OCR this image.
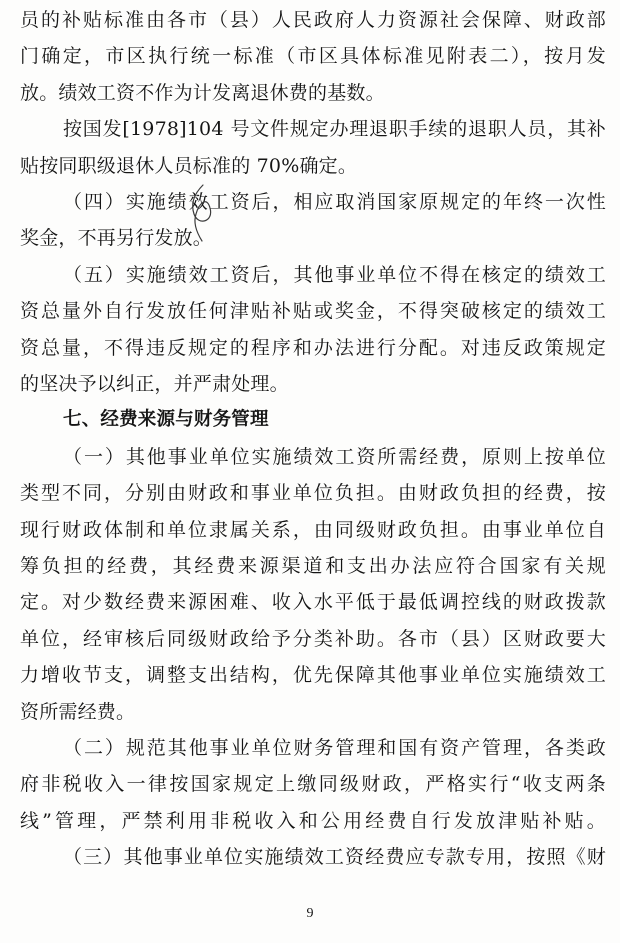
员的补贴标准由各市（县）人民政府人力资源社会保障、财政部
门确定，市区执行统一标准（市区具体标准见附表二），按月发
放。绩效工资不作为计发离退休费的基数。
按国发[1978]104 号文件规定办理退职手续的退职人员，其补
贴按同职级退休人员标准的 70%确定。
（四）实施绩效工资后，相应取消国家原规定的年终一次性
奖金，不再另行发放。
（五）实施绩效工资后，其他事业单位不得在核定的绩效工
资总量外自行发放任何津贴补贴或奖金，不得突破核定的绩效工
资总量，不得违反规定的程序和办法进行分配。对违反政策规定
的坚决予以纠正，并严肃处理。
七、经费来源与财务管理
（一）其他事业单位实施绩效工资所需经费，原则上按单位
类型不同，分别由财政和事业单位负担。由财政负担的经费，按
现行财政体制和单位隶属关系，由同级财政负担。由事业单位自
筹负担的经费，其经费来源渠道和支出办法应符合国家有关规
定。对少数经费来源困难、收入水平低于最低调控线的财政拨款
单位，经审核后同级财政给予分类补助。各市（县）区财政要大
力增收节支，调整支出结构，优先保障其他事业单位实施绩效工
资所需经费。
（二）规范其他事业单位财务管理和国有资产管理，各类政
府非税收入一律按国家规定上缴同级财政，严格实行“收支两条
线”管理，严禁利用非税收入和公用经费自行发放津贴补贴。
（三）其他事业单位实施绩效工资经费应专款专用，按照《财
9
